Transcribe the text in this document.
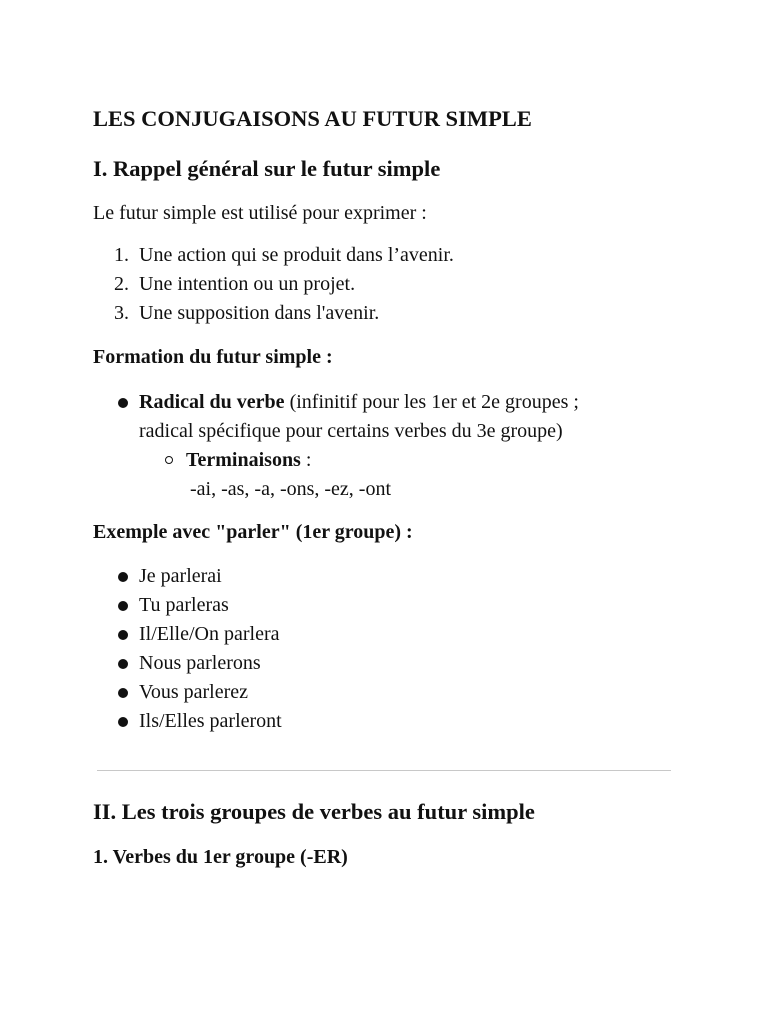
LES CONJUGAISONS AU FUTUR SIMPLE
I. Rappel général sur le futur simple

Le futur simple est utilisé pour exprimer :

1. Une action qui se produit dans l’avenir.
2. Une intention ou un projet.
3. Une supposition dans l'avenir.
Formation du futur simple :
Radical du verbe (infinitif pour les 1er et 2e groupes ;
radical spécifique pour certains verbes du 3e groupe)
Terminaisons :
-ai, -as, -a, -ons, -ez, -ont
Exemple avec "parler" (1er groupe) :
Je parlerai
Tu parleras
Il/Elle/On parlera
Nous parlerons
Vous parlerez
Ils/Elles parleront
II. Les trois groupes de verbes au futur simple
1. Verbes du 1er groupe (-ER)
